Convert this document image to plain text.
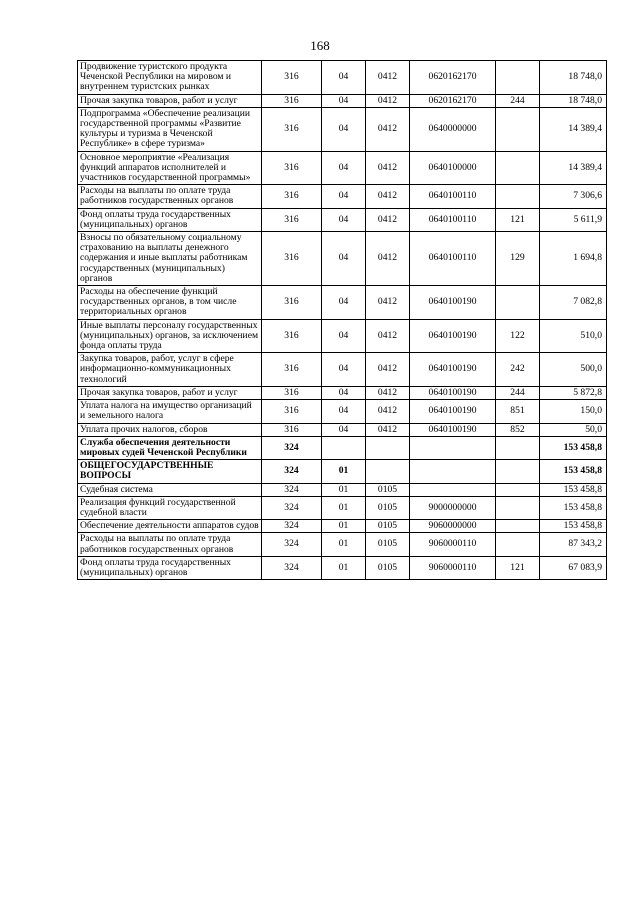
168
Продвижение туристского продукта Чеченской Республики на мировом и внутреннем туристских рынках	316	04	0412	0620162170		18 748,0
Прочая закупка товаров, работ и услуг	316	04	0412	0620162170	244	18 748,0
Подпрограмма «Обеспечение реализации государственной программы «Развитие культуры и туризма в Чеченской Республике» в сфере туризма»	316	04	0412	0640000000		14 389,4
Основное мероприятие «Реализация функций аппаратов исполнителей и участников государственной программы»	316	04	0412	0640100000		14 389,4
Расходы на выплаты по оплате труда работников государственных органов	316	04	0412	0640100110		7 306,6
Фонд оплаты труда государственных (муниципальных) органов	316	04	0412	0640100110	121	5 611,9
Взносы по обязательному социальному страхованию на выплаты денежного содержания и иные выплаты работникам государственных (муниципальных) органов	316	04	0412	0640100110	129	1 694,8
Расходы на обеспечение функций государственных органов, в том числе территориальных органов	316	04	0412	0640100190		7 082,8
Иные выплаты персоналу государственных (муниципальных) органов, за исключением фонда оплаты труда	316	04	0412	0640100190	122	510,0
Закупка товаров, работ, услуг в сфере информационно-коммуникационных технологий	316	04	0412	0640100190	242	500,0
Прочая закупка товаров, работ и услуг	316	04	0412	0640100190	244	5 872,8
Уплата налога на имущество организаций и земельного налога	316	04	0412	0640100190	851	150,0
Уплата прочих налогов, сборов	316	04	0412	0640100190	852	50,0
Служба обеспечения деятельности мировых судей Чеченской Республики	324					153 458,8
ОБЩЕГОСУДАРСТВЕННЫЕ ВОПРОСЫ	324	01				153 458,8
Судебная система	324	01	0105			153 458,8
Реализация функций государственной судебной власти	324	01	0105	9000000000		153 458,8
Обеспечение деятельности аппаратов судов	324	01	0105	9060000000		153 458,8
Расходы на выплаты по оплате труда работников государственных органов	324	01	0105	9060000110		87 343,2
Фонд оплаты труда государственных (муниципальных) органов	324	01	0105	9060000110	121	67 083,9
